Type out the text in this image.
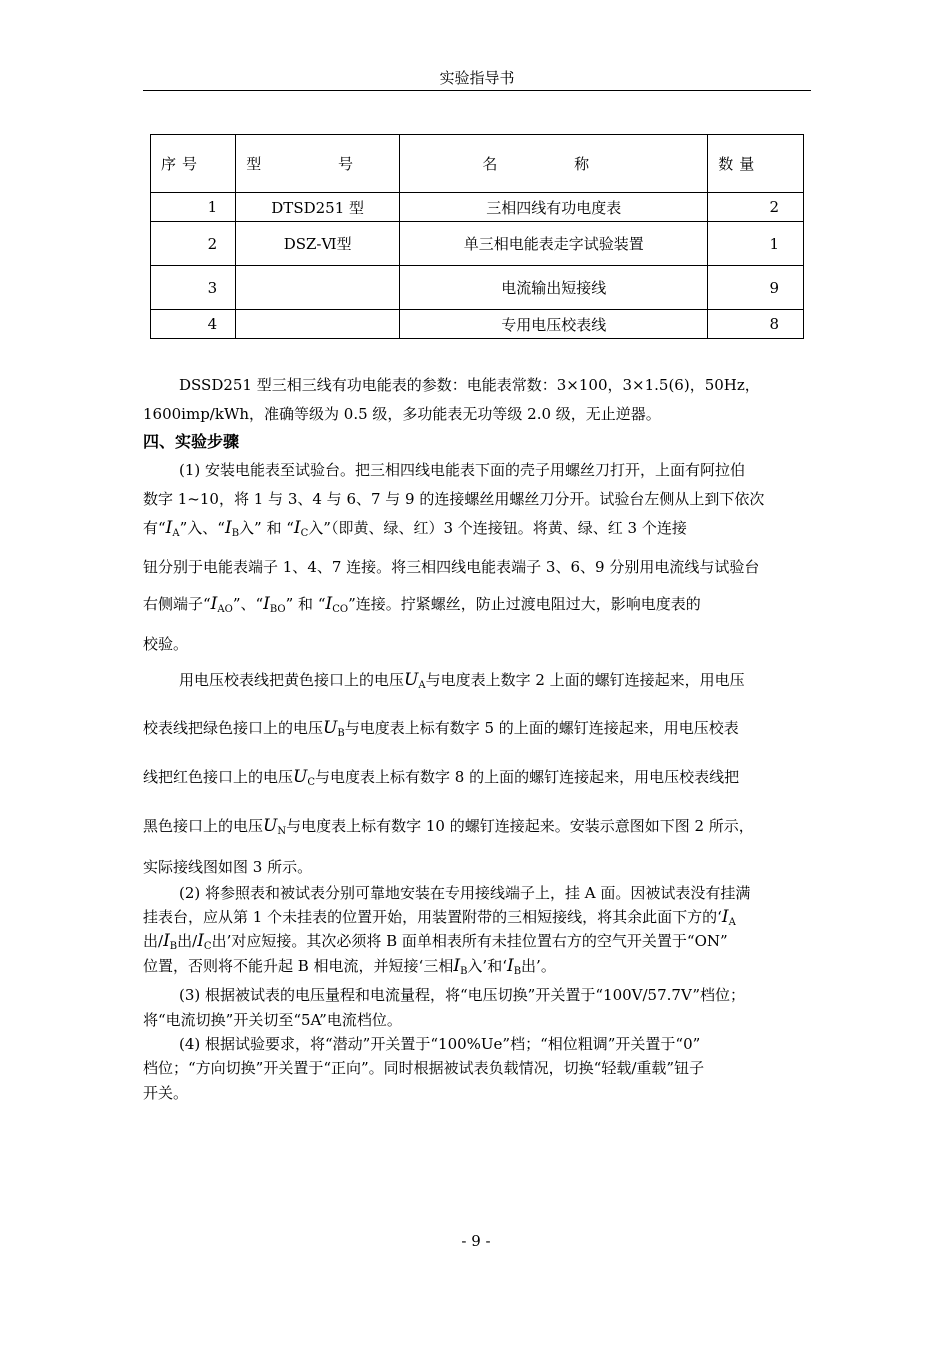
实验指导书
序号	型 号	名 称	数量
1	DTSD251 型	三相四线有功电度表	2
2	DSZ-Ⅵ型	单三相电能表走字试验装置	1
3		电流输出短接线	9
4		专用电压校表线	8

DSSD251 型三相三线有功电能表的参数：电能表常数：3×100，3×1.5(6)，50Hz，

1600imp/kWh，准确等级为 0.5 级，多功能表无功等级 2.0 级，无止逆器。

四、实验步骤

(1) 安装电能表至试验台。把三相四线电能表下面的壳子用螺丝刀打开，上面有阿拉伯

数字 1~10，将 1 与 3、4 与 6、7 与 9 的连接螺丝用螺丝刀分开。试验台左侧从上到下依次

有“$I_A$”入、“$I_B$入” 和 “$I_C$入”（即黄、绿、红）3 个连接钮。将黄、绿、红 3 个连接

钮分别于电能表端子 1、4、7 连接。将三相四线电能表端子 3、6、9 分别用电流线与试验台

右侧端子“$I_{AO}$”、“$I_{BO}$” 和 “$I_{CO}$”连接。拧紧螺丝，防止过渡电阻过大，影响电度表的

校验。

用电压校表线把黄色接口上的电压$U_A$与电度表上数字 2 上面的螺钉连接起来，用电压

校表线把绿色接口上的电压$U_B$与电度表上标有数字 5 的上面的螺钉连接起来，用电压校表

线把红色接口上的电压$U_C$与电度表上标有数字 8 的上面的螺钉连接起来，用电压校表线把

黑色接口上的电压$U_N$与电度表上标有数字 10 的螺钉连接起来。安装示意图如下图 2 所示，

实际接线图如图 3 所示。

(2) 将参照表和被试表分别可靠地安装在专用接线端子上，挂 A 面。因被试表没有挂满

挂表台，应从第 1 个未挂表的位置开始，用装置附带的三相短接线，将其余此面下方的‘$I_A$

出$/I_B$出$/I_C$出’对应短接。其次必须将 B 面单相表所有未挂位置右方的空气开关置于“ON”

位置，否则将不能升起 B 相电流，并短接‘三相$I_B$入’和‘$I_B$出’。

(3) 根据被试表的电压量程和电流量程，将“电压切换”开关置于“100V/57.7V”档位；

将“电流切换”开关切至“5A”电流档位。

(4) 根据试验要求，将“潜动”开关置于“100%Ue”档；“相位粗调”开关置于“0”

档位；“方向切换”开关置于“正向”。同时根据被试表负载情况，切换“轻载/重载”钮子

开关。

- 9 -
